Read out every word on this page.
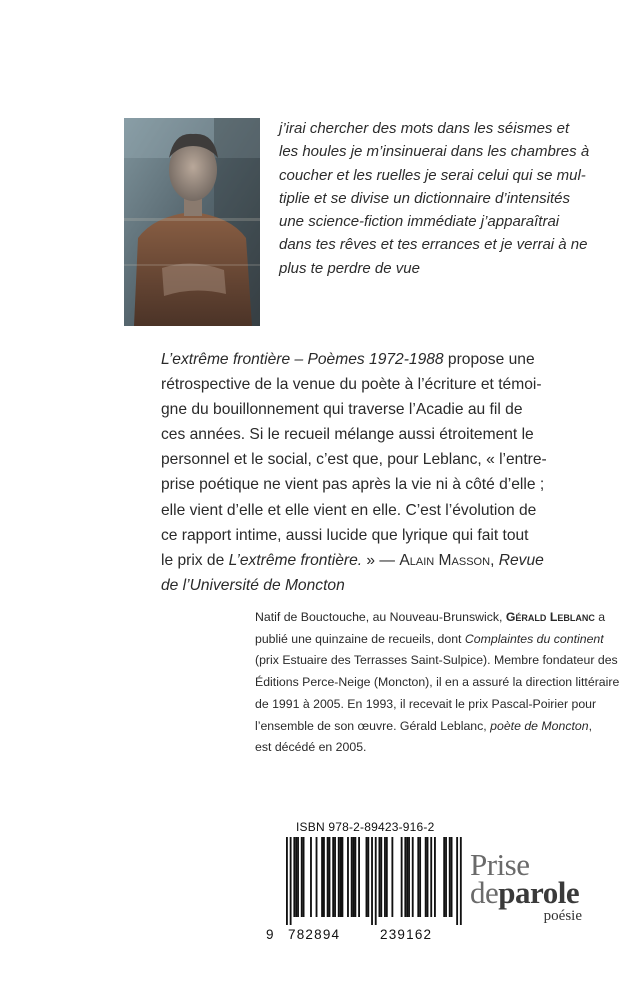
j’irai chercher des mots dans les séismes et
les houles je m’insinuerai dans les chambres à
coucher et les ruelles je serai celui qui se mul-
tiplie et se divise un dictionnaire d’intensités
une science-fiction immédiate j’apparaîtrai
dans tes rêves et tes errances et je verrai à ne
plus te perdre de vue
L’extrême frontière – Poèmes 1972-1988 propose une
rétrospective de la venue du poète à l’écriture et témoi-
gne du bouillonnement qui traverse l’Acadie au fil de
ces années. Si le recueil mélange aussi étroitement le
personnel et le social, c’est que, pour Leblanc, « l’entre-
prise poétique ne vient pas après la vie ni à côté d’elle ;
elle vient d’elle et elle vient en elle. C’est l’évolution de
ce rapport intime, aussi lucide que lyrique qui fait tout
le prix de L’extrême frontière. » — Alain Masson, Revue
de l’Université de Moncton
Natif de Bouctouche, au Nouveau-Brunswick, Gérald Leblanc a
publié une quinzaine de recueils, dont Complaintes du continent
(prix Estuaire des Terrasses Saint-Sulpice). Membre fondateur des
Éditions Perce-Neige (Moncton), il en a assuré la direction littéraire
de 1991 à 2005. En 1993, il recevait le prix Pascal-Poirier pour
l’ensemble de son œuvre. Gérald Leblanc, poète de Moncton,
est décédé en 2005.
ISBN 978-2-89423-916-2
9 782894	239162
Prise
deparole
poésie
